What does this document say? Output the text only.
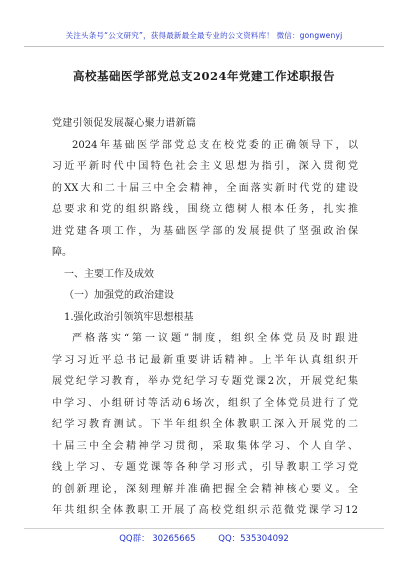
关注头条号“公文研究”，获得最新最全最专业的公文资料库！ 微信：gongwenyj
高校基础医学部党总支2024年党建工作述职报告
党建引领促发展凝心聚力谱新篇
2024年基础医学部党总支在校党委的正确领导下，以
习近平新时代中国特色社会主义思想为指引，深入贯彻党
的XX大和二十届三中全会精神，全面落实新时代党的建设
总要求和党的组织路线，围绕立德树人根本任务，扎实推
进党建各项工作，为基础医学部的发展提供了坚强政治保
障。
一、主要工作及成效
（一）加强党的政治建设
1.强化政治引领筑牢思想根基
严格落实“第一议题”制度，组织全体党员及时跟进
学习习近平总书记最新重要讲话精神。上半年认真组织开
展党纪学习教育，举办党纪学习专题党课2次，开展党纪集
中学习、小组研讨等活动6场次，组织了全体党员进行了党
纪学习教育测试。下半年组织全体教职工深入开展党的二
十届三中全会精神学习贯彻，采取集体学习、个人自学、
线上学习、专题党课等各种学习形式，引导教职工学习党
的创新理论，深刻理解并准确把握全会精神核心要义。全
年共组织全体教职工开展了高校党组织示范微党课学习12
QQ群： 30265665	QQ：535304092
